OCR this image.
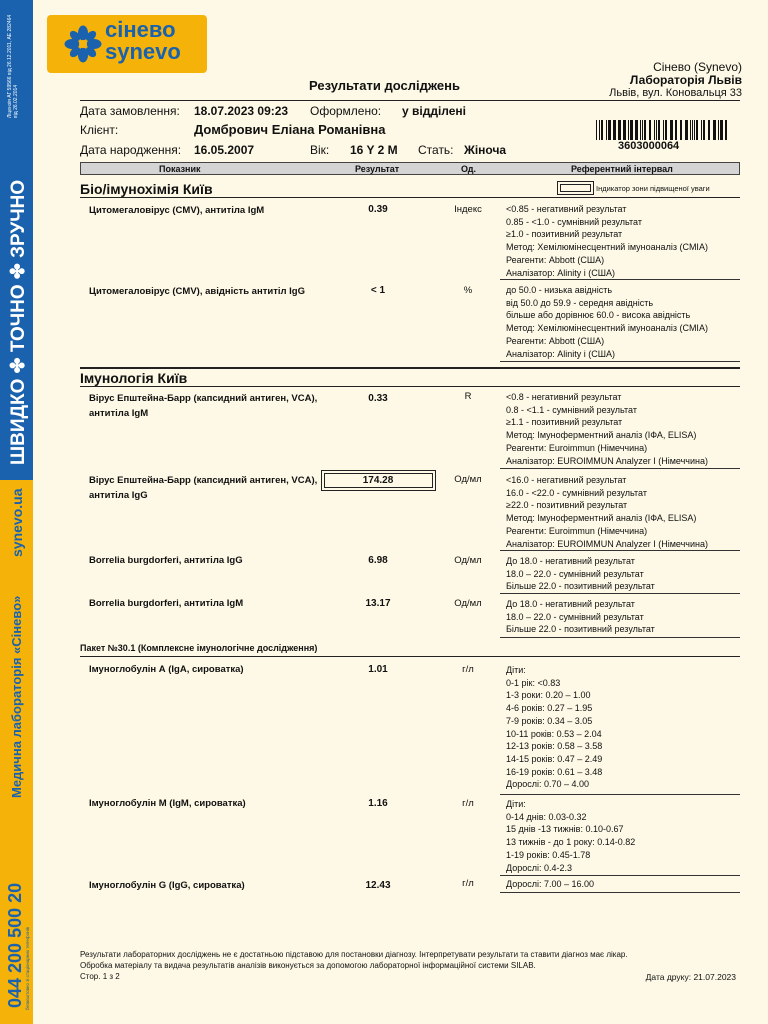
Ліцензія АГ 59566 від 26.12.2011, АЕ 282464 від 26.02.2014
ШВИДКО ✤ ТОЧНО ✤ ЗРУЧНО
synevo.ua
Медична лабораторія «Сінево»
044 200 500 20 безкоштовно зі стаціонарних телефонів
сінево
synevo
Сінево (Synevo)
Лабораторія Львів
Львів, вул. Коновальця 33
Результати досліджень
Дата замовлення: 18.07.2023 09:23 Оформлено: у відділені
Клієнт:	Домбрович Еліана Романівна
Дата народження: 16.05.2007	Вік: 16 Y 2 M Стать: Жіноча	3603000064
Показник	Результат	Од.	Референтний інтервал
Біо/імунохімія Київ	Індикатор зони підвищеної уваги
Цитомегаловірус (CMV), антитіла IgM	0.39	Індекс	<0.85 - негативний результат
0.85 - <1.0 - сумнівний результат
≥1.0 - позитивний результат
Метод: Хемілюмінесцентний імуноаналіз (CMIA)
Реагенти: Abbott (США)
Аналізатор: Alinity i (США)
Цитомегаловірус (CMV), авідність антитіл IgG	< 1	%	до 50.0 - низька авідність
від 50.0 до 59.9 - середня авідність
більше або дорівнює 60.0 - висока авідність
Метод: Хемілюмінесцентний імуноаналіз (CMIA)
Реагенти: Abbott (США)
Аналізатор: Alinity i (США)
Імунологія Київ
Вірус Епштейна-Барр (капсидний антиген, VCA), антитіла IgM
0.33	R	<0.8 - негативний результат
0.8 - <1.1 - сумнівний результат
≥1.1 - позитивний результат
Метод: Імуноферментний аналіз (ІФА, ELISA)
Реагенти: Euroimmun (Німеччина)
Аналізатор: EUROIMMUN Analyzer I (Німеччина)
Вірус Епштейна-Барр (капсидний антиген, VCA), антитіла IgG
174.28	Од/мл	<16.0 - негативний результат
16.0 - <22.0 - сумнівний результат
≥22.0 - позитивний результат
Метод: Імуноферментний аналіз (ІФА, ELISA)
Реагенти: Euroimmun (Німеччина)
Аналізатор: EUROIMMUN Analyzer I (Німеччина)
Borrelia burgdorferi, антитіла IgG	6.98	Од/мл	До 18.0 - негативний результат
18.0 – 22.0 - сумнівний результат
Більше 22.0 - позитивний результат
Borrelia burgdorferi, антитіла IgM	13.17	Од/мл	До 18.0 - негативний результат
18.0 – 22.0 - сумнівний результат
Більше 22.0 - позитивний результат
Пакет №30.1 (Комплексне імунологічне дослідження)
Імуноглобулін А (IgA, сироватка)	1.01	г/л	Діти:
0-1 рік: <0.83
1-3 роки: 0.20 – 1.00
4-6 років: 0.27 – 1.95
7-9 років: 0.34 – 3.05
10-11 років: 0.53 – 2.04
12-13 років: 0.58 – 3.58
14-15 років: 0.47 – 2.49
16-19 років: 0.61 – 3.48
Дорослі: 0.70 – 4.00
Імуноглобулін M (IgM, сироватка)	1.16	г/л	Діти:
0-14 днів: 0.03-0.32
15 днів -13 тижнів: 0.10-0.67
13 тижнів - до 1 року: 0.14-0.82
1-19 років: 0.45-1.78
Дорослі: 0.4-2.3
Імуноглобулін G (IgG, сироватка)	12.43	г/л	Дорослі: 7.00 – 16.00
Результати лабораторних досліджень не є достатньою підставою для постановки діагнозу. Інтерпретувати результати та ставити діагноз має лікар.
Обробка матеріалу та видача результатів аналізів виконується за допомогою лабораторної інформаційної системи SILAB.
Стор. 1 з 2	Дата друку: 21.07.2023
